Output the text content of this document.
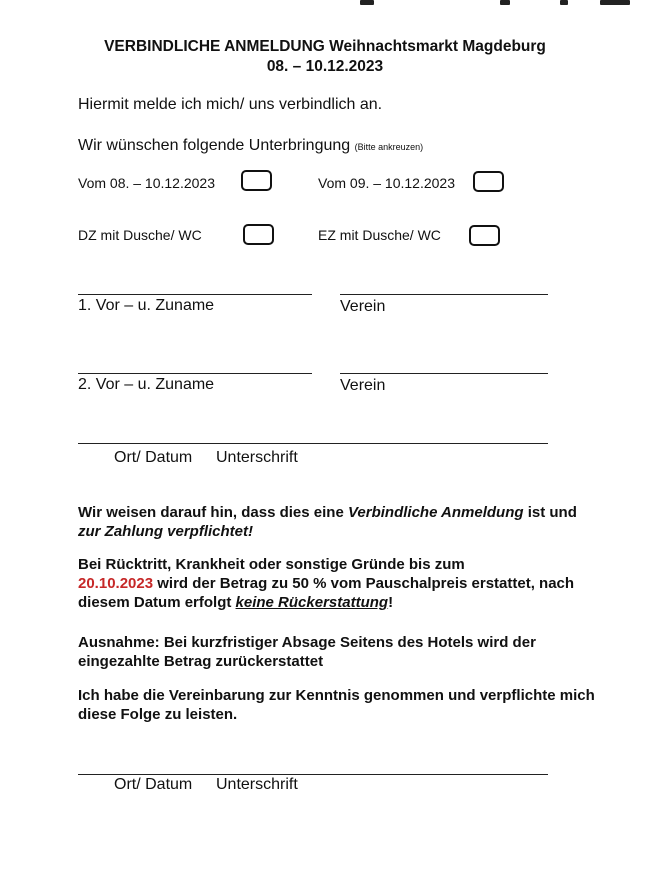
VERBINDLICHE ANMELDUNG Weihnachtsmarkt Magdeburg
08. – 10.12.2023
Hiermit melde ich mich/ uns verbindlich an.
Wir wünschen folgende Unterbringung (Bitte ankreuzen)
Vom 08. – 10.12.2023	Vom 09. – 10.12.2023
DZ mit Dusche/ WC	EZ mit Dusche/ WC
1. Vor – u. Zuname	Verein
2. Vor – u. Zuname	Verein
Ort/ Datum Unterschrift
Wir weisen darauf hin, dass dies eine Verbindliche Anmeldung ist und zur Zahlung verpflichtet!
Bei Rücktritt, Krankheit oder sonstige Gründe bis zum
20.10.2023 wird der Betrag zu 50 % vom Pauschalpreis erstattet, nach diesem Datum erfolgt keine Rückerstattung!
Ausnahme: Bei kurzfristiger Absage Seitens des Hotels wird der eingezahlte Betrag zurückerstattet
Ich habe die Vereinbarung zur Kenntnis genommen und verpflichte mich diese Folge zu leisten.
Ort/ Datum Unterschrift
